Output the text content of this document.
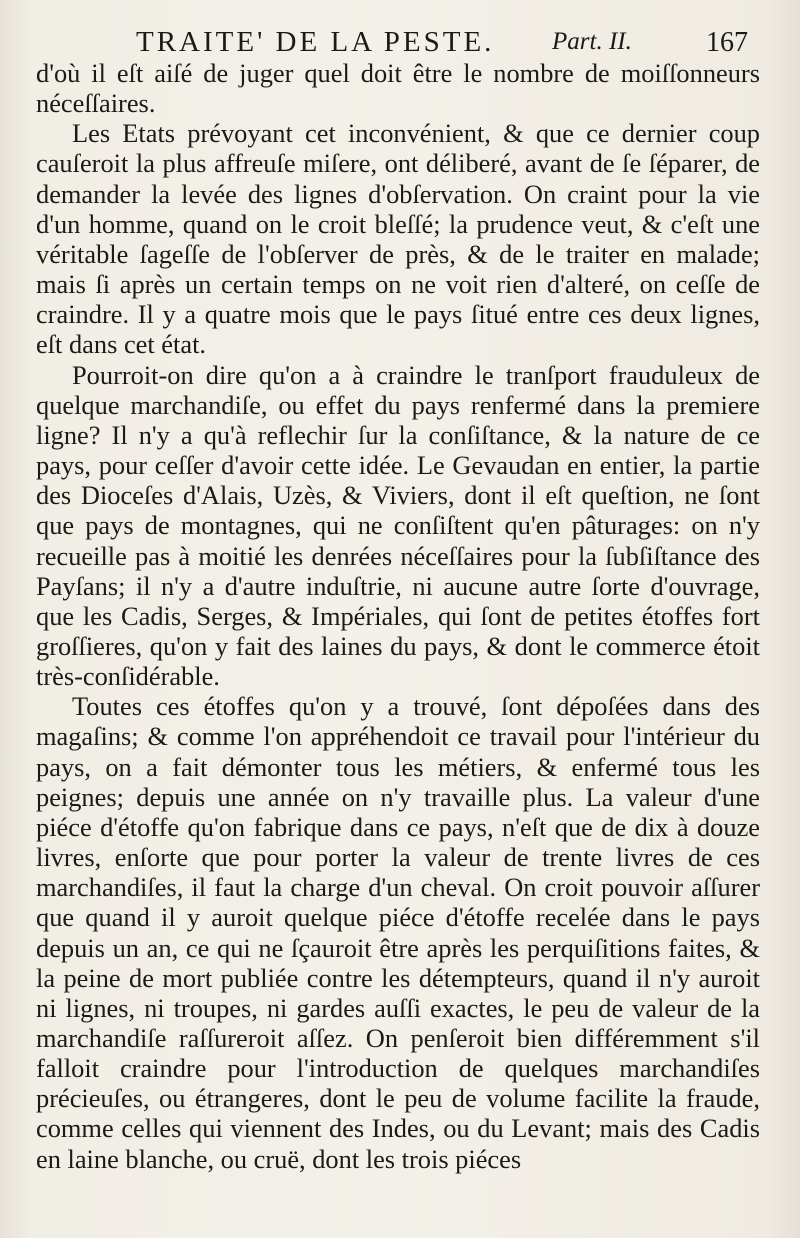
TRAITE' DE LA PESTE. Part. II.	167

d'où il eſt aiſé de juger quel doit être le nombre de moiſſonneurs néceſſaires.

Les Etats prévoyant cet inconvénient, & que ce dernier coup cauſeroit la plus affreuſe miſere, ont déliberé, avant de ſe ſéparer, de demander la levée des lignes d'obſervation. On craint pour la vie d'un homme, quand on le croit bleſſé; la prudence veut, & c'eſt une véritable ſageſſe de l'obſerver de près, & de le traiter en malade; mais ſi après un certain temps on ne voit rien d'alteré, on ceſſe de craindre. Il y a quatre mois que le pays ſitué entre ces deux lignes, eſt dans cet état.

Pourroit-on dire qu'on a à craindre le tranſport frauduleux de quelque marchandiſe, ou effet du pays renfermé dans la premiere ligne? Il n'y a qu'à reflechir ſur la conſiſtance, & la nature de ce pays, pour ceſſer d'avoir cette idée. Le Gevaudan en entier, la partie des Dioceſes d'Alais, Uzès, & Viviers, dont il eſt queſtion, ne ſont que pays de montagnes, qui ne conſiſtent qu'en pâturages: on n'y recueille pas à moitié les denrées néceſſaires pour la ſubſiſtance des Payſans; il n'y a d'autre induſtrie, ni aucune autre ſorte d'ouvrage, que les Cadis, Serges, & Impériales, qui ſont de petites étoffes fort groſſieres, qu'on y fait des laines du pays, & dont le commerce étoit très-conſidérable.

Toutes ces étoffes qu'on y a trouvé, ſont dépoſées dans des magaſins; & comme l'on appréhendoit ce travail pour l'intérieur du pays, on a fait démonter tous les métiers, & enfermé tous les peignes; depuis une année on n'y travaille plus. La valeur d'une piéce d'étoffe qu'on fabrique dans ce pays, n'eſt que de dix à douze livres, enſorte que pour porter la valeur de trente livres de ces marchandiſes, il faut la charge d'un cheval. On croit pouvoir aſſurer que quand il y auroit quelque piéce d'étoffe recelée dans le pays depuis un an, ce qui ne ſçauroit être après les perquiſitions faites, & la peine de mort publiée contre les détempteurs, quand il n'y auroit ni lignes, ni troupes, ni gardes auſſi exactes, le peu de valeur de la marchandiſe raſſureroit aſſez. On penſeroit bien différemment s'il falloit craindre pour l'introduction de quelques marchandiſes précieuſes, ou étrangeres, dont le peu de volume facilite la fraude, comme celles qui viennent des Indes, ou du Levant; mais des Cadis en laine blanche, ou cruë, dont les trois piéces
